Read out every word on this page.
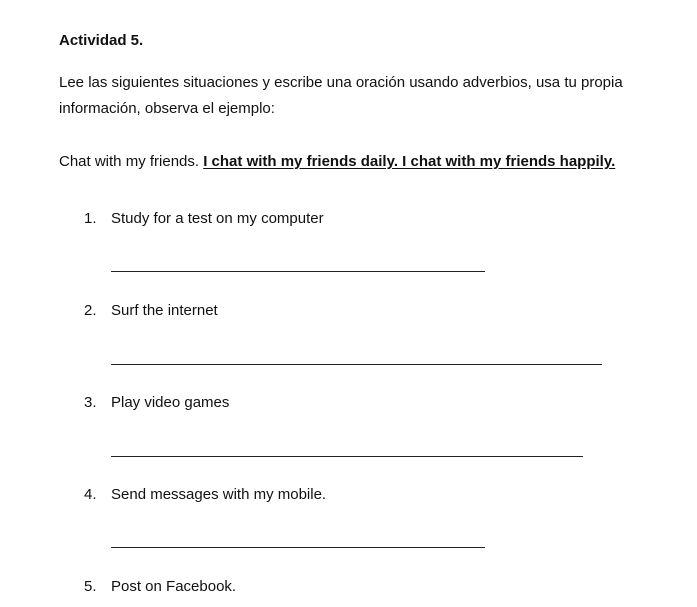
Actividad 5.
Lee las siguientes situaciones y escribe una oración usando adverbios, usa tu propia información, observa el ejemplo:
Chat with my friends. I chat with my friends daily. I chat with my friends happily.
1. Study for a test on my computer
2. Surf the internet
3. Play video games
4. Send messages with my mobile.
5. Post on Facebook.
